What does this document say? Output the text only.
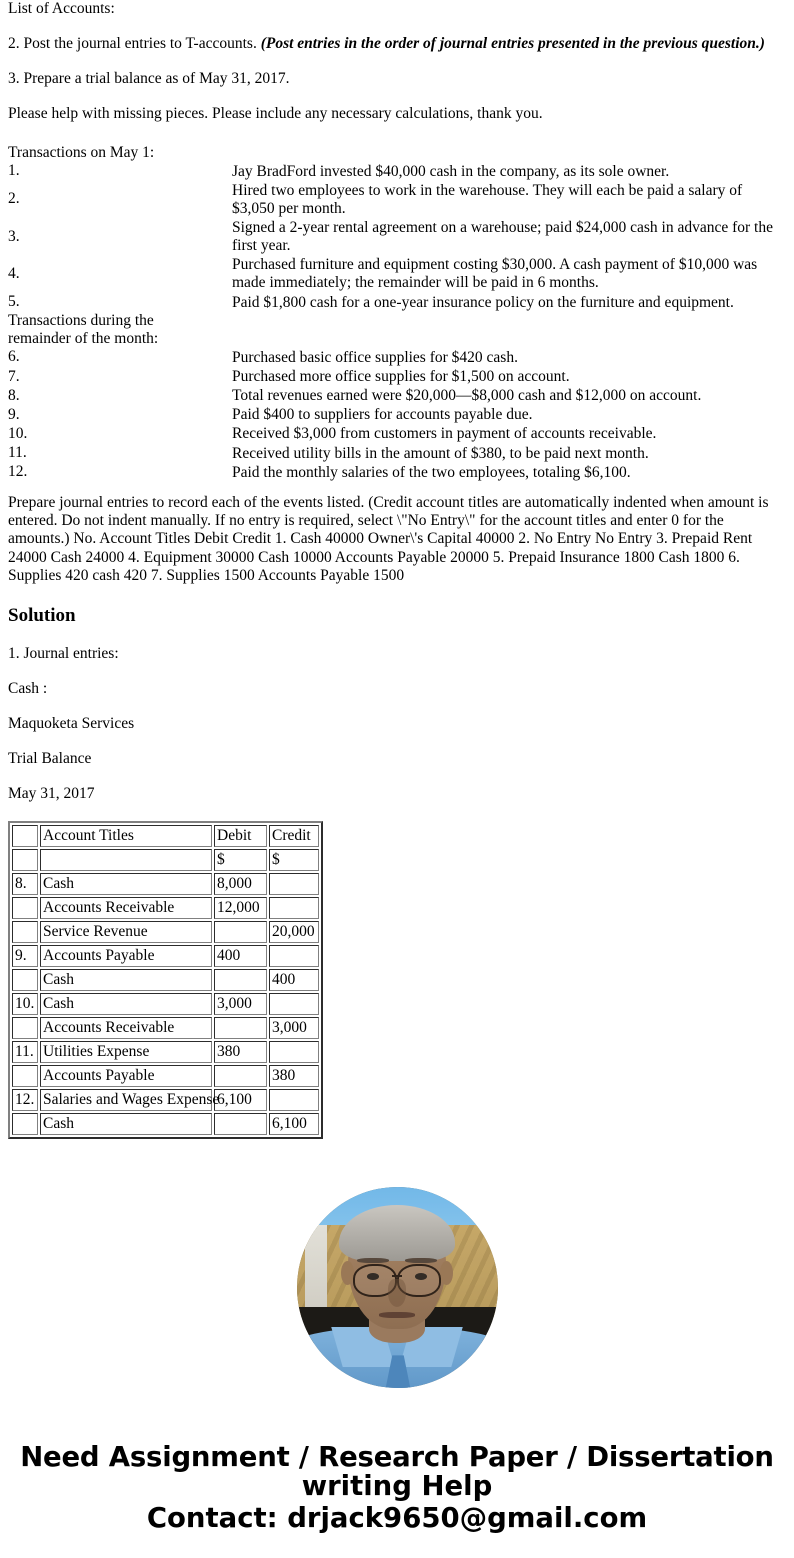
List of Accounts:

2. Post the journal entries to T-accounts. (Post entries in the order of journal entries presented in the previous question.)

3. Prepare a trial balance as of May 31, 2017.

Please help with missing pieces. Please include any necessary calculations, thank you.

Transactions on May 1:	
1.	Jay BradFord invested $40,000 cash in the company, as its sole owner.
2.	Hired two employees to work in the warehouse. They will each be paid a salary of $3,050 per month.
3.	Signed a 2-year rental agreement on a warehouse; paid $24,000 cash in advance for the first year.
4.	Purchased furniture and equipment costing $30,000. A cash payment of $10,000 was made immediately; the remainder will be paid in 6 months.
5.	Paid $1,800 cash for a one-year insurance policy on the furniture and equipment.

Transactions during the remainder of the month:	

6.	Purchased basic office supplies for $420 cash.
7.	Purchased more office supplies for $1,500 on account.
8.	Total revenues earned were $20,000—$8,000 cash and $12,000 on account.
9.	Paid $400 to suppliers for accounts payable due.
10.	Received $3,000 from customers in payment of accounts receivable.
11.	Received utility bills in the amount of $380, to be paid next month.
12.	Paid the monthly salaries of the two employees, totaling $6,100.

Prepare journal entries to record each of the events listed. (Credit account titles are automatically indented when amount is entered. Do not indent manually. If no entry is required, select \"No Entry\" for the account titles and enter 0 for the amounts.) No. Account Titles Debit Credit 1. Cash 40000 Owner\'s Capital 40000 2. No Entry No Entry 3. Prepaid Rent 24000 Cash 24000 4. Equipment 30000 Cash 10000 Accounts Payable 20000 5. Prepaid Insurance 1800 Cash 1800 6. Supplies 420 cash 420 7. Supplies 1500 Accounts Payable 1500

Solution

1. Journal entries:

Cash :

Maquoketa Services

Trial Balance

May 31, 2017

	Account Titles	Debit	Credit
		$	$
8.	Cash	8,000	
	Accounts Receivable	12,000	
	Service Revenue		20,000
9.	Accounts Payable	400	
	Cash		400
10.	Cash	3,000	
	Accounts Receivable		3,000
11.	Utilities Expense	380	
	Accounts Payable		380
12.	Salaries and Wages Expense	6,100	
	Cash		6,100
Need Assignment / Research Paper / Dissertation
writing Help
Contact: drjack9650@gmail.com
